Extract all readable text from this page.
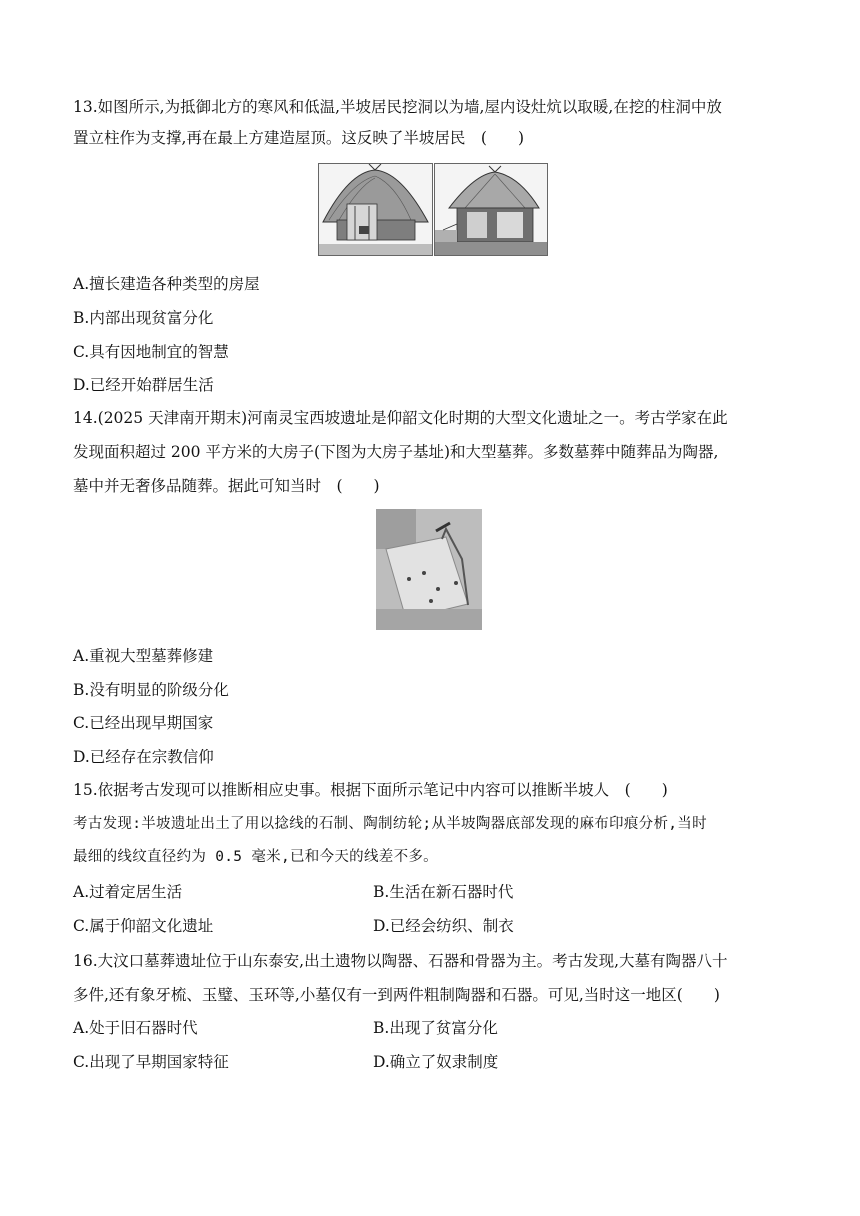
13.如图所示,为抵御北方的寒风和低温,半坡居民挖洞以为墙,屋内设灶炕以取暖,在挖的柱洞中放
置立柱作为支撑,再在最上方建造屋顶。这反映了半坡居民　(　　)
A.擅长建造各种类型的房屋
B.内部出现贫富分化
C.具有因地制宜的智慧
D.已经开始群居生活
14.(2025 天津南开期末)河南灵宝西坡遗址是仰韶文化时期的大型文化遗址之一。考古学家在此
发现面积超过 200 平方米的大房子(下图为大房子基址)和大型墓葬。多数墓葬中随葬品为陶器,
墓中并无奢侈品随葬。据此可知当时　(　　)
A.重视大型墓葬修建
B.没有明显的阶级分化
C.已经出现早期国家
D.已经存在宗教信仰
15.依据考古发现可以推断相应史事。根据下面所示笔记中内容可以推断半坡人　(　　)
考古发现:半坡遗址出土了用以捻线的石制、陶制纺轮;从半坡陶器底部发现的麻布印痕分析,当时
最细的线纹直径约为 0.5 毫米,已和今天的线差不多。
A.过着定居生活	B.生活在新石器时代
C.属于仰韶文化遗址	D.已经会纺织、制衣
16.大汶口墓葬遗址位于山东泰安,出土遗物以陶器、石器和骨器为主。考古发现,大墓有陶器八十
多件,还有象牙梳、玉璧、玉环等,小墓仅有一到两件粗制陶器和石器。可见,当时这一地区(　　)
A.处于旧石器时代	B.出现了贫富分化
C.出现了早期国家特征	D.确立了奴隶制度
